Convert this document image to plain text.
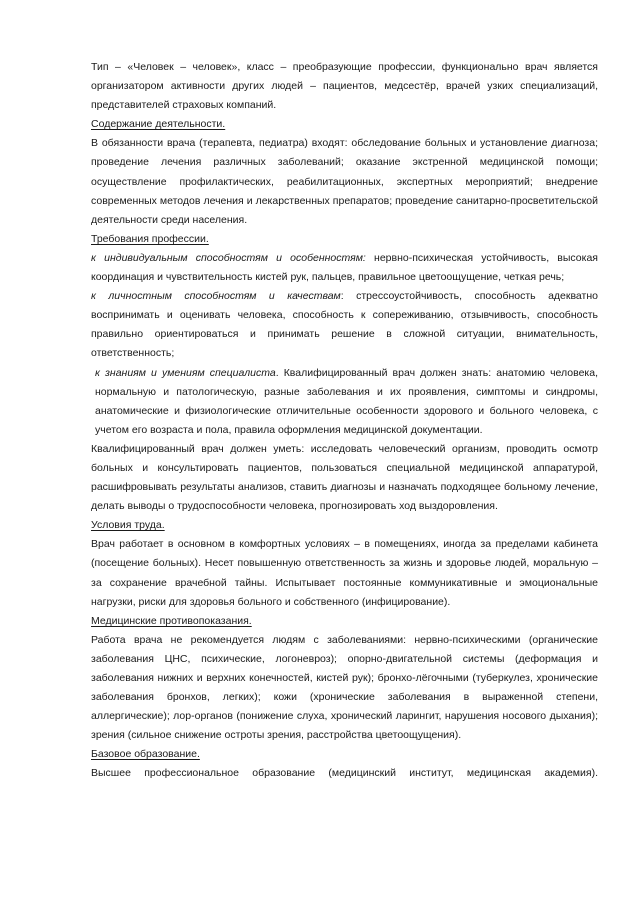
Тип – «Человек – человек», класс – преобразующие профессии, функционально врач является организатором активности других людей – пациентов, медсестёр, врачей узких специализаций, представителей страховых компаний.

Содержание деятельности.

В обязанности врача (терапевта, педиатра) входят: обследование больных и установление диагноза; проведение лечения различных заболеваний; оказание экстренной медицинской помощи; осуществление профилактических, реабилитационных, экспертных мероприятий; внедрение современных методов лечения и лекарственных препаратов; проведение санитарно-просветительской деятельности среди населения.

Требования профессии.

к индивидуальным способностям и особенностям: нервно-психическая устойчивость, высокая координация и чувствительность кистей рук, пальцев, правильное цветоощущение, четкая речь;

к личностным способностям и качествам: стрессоустойчивость, способность адекватно воспринимать и оценивать человека, способность к сопереживанию, отзывчивость, способность правильно ориентироваться и принимать решение в сложной ситуации, внимательность, ответственность;

к знаниям и умениям специалиста. Квалифицированный врач должен знать: анатомию человека, нормальную и патологическую, разные заболевания и их проявления, симптомы и синдромы, анатомические и физиологические отличительные особенности здорового и больного человека, с учетом его возраста и пола, правила оформления медицинской документации.

Квалифицированный врач должен уметь: исследовать человеческий организм, проводить осмотр больных и консультировать пациентов, пользоваться специальной медицинской аппаратурой, расшифровывать результаты анализов, ставить диагнозы и назначать подходящее больному лечение, делать выводы о трудоспособности человека, прогнозировать ход выздоровления.

Условия труда.

Врач работает в основном в комфортных условиях – в помещениях, иногда за пределами кабинета (посещение больных). Несет повышенную ответственность за жизнь и здоровье людей, моральную – за сохранение врачебной тайны. Испытывает постоянные коммуникативные и эмоциональные нагрузки, риски для здоровья больного и собственного (инфицирование).

Медицинские противопоказания.

Работа врача не рекомендуется людям с заболеваниями: нервно-психическими (органические заболевания ЦНС, психические, логоневроз); опорно-двигательной системы (деформация и заболевания нижних и верхних конечностей, кистей рук); бронхо-лёгочными (туберкулез, хронические заболевания бронхов, легких); кожи (хронические заболевания в выраженной степени, аллергические); лор-органов (понижение слуха, хронический ларингит, нарушения носового дыхания); зрения (сильное снижение остроты зрения, расстройства цветоощущения).

Базовое образование.

Высшее профессиональное образование (медицинский институт, медицинская академия).
